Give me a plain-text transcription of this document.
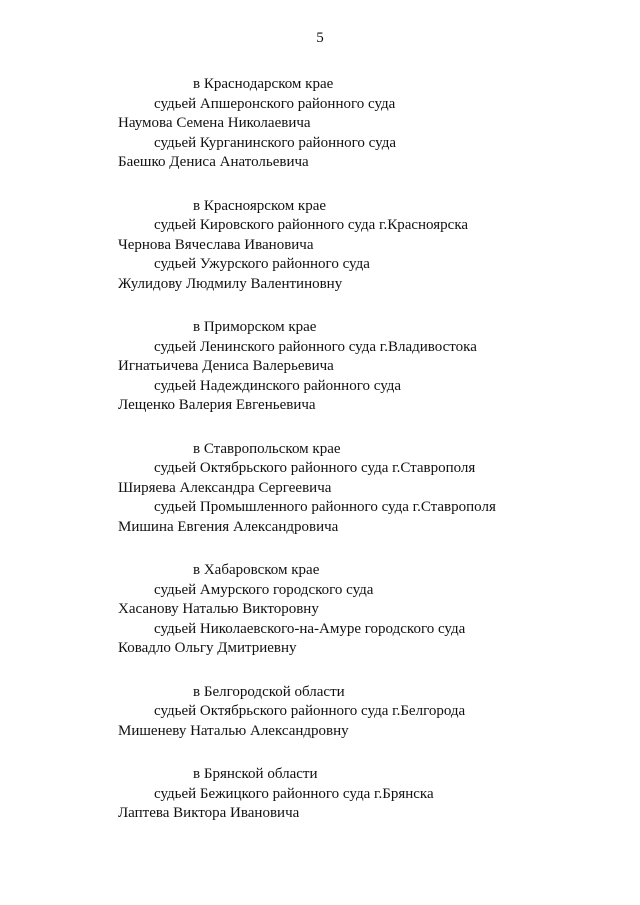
5
в Краснодарском крае
судьей Апшеронского районного суда
Наумова Семена Николаевича
судьей Курганинского районного суда
Баешко Дениса Анатольевича
в Красноярском крае
судьей Кировского районного суда г.Красноярска
Чернова Вячеслава Ивановича
судьей Ужурского районного суда
Жулидову Людмилу Валентиновну
в Приморском крае
судьей Ленинского районного суда г.Владивостока
Игнатьичева Дениса Валерьевича
судьей Надеждинского районного суда
Лещенко Валерия Евгеньевича
в Ставропольском крае
судьей Октябрьского районного суда г.Ставрополя
Ширяева Александра Сергеевича
судьей Промышленного районного суда г.Ставрополя
Мишина Евгения Александровича
в Хабаровском крае
судьей Амурского городского суда
Хасанову Наталью Викторовну
судьей Николаевского-на-Амуре городского суда
Ковадло Ольгу Дмитриевну
в Белгородской области
судьей Октябрьского районного суда г.Белгорода
Мишеневу Наталью Александровну
в Брянской области
судьей Бежицкого районного суда г.Брянска
Лаптева Виктора Ивановича
